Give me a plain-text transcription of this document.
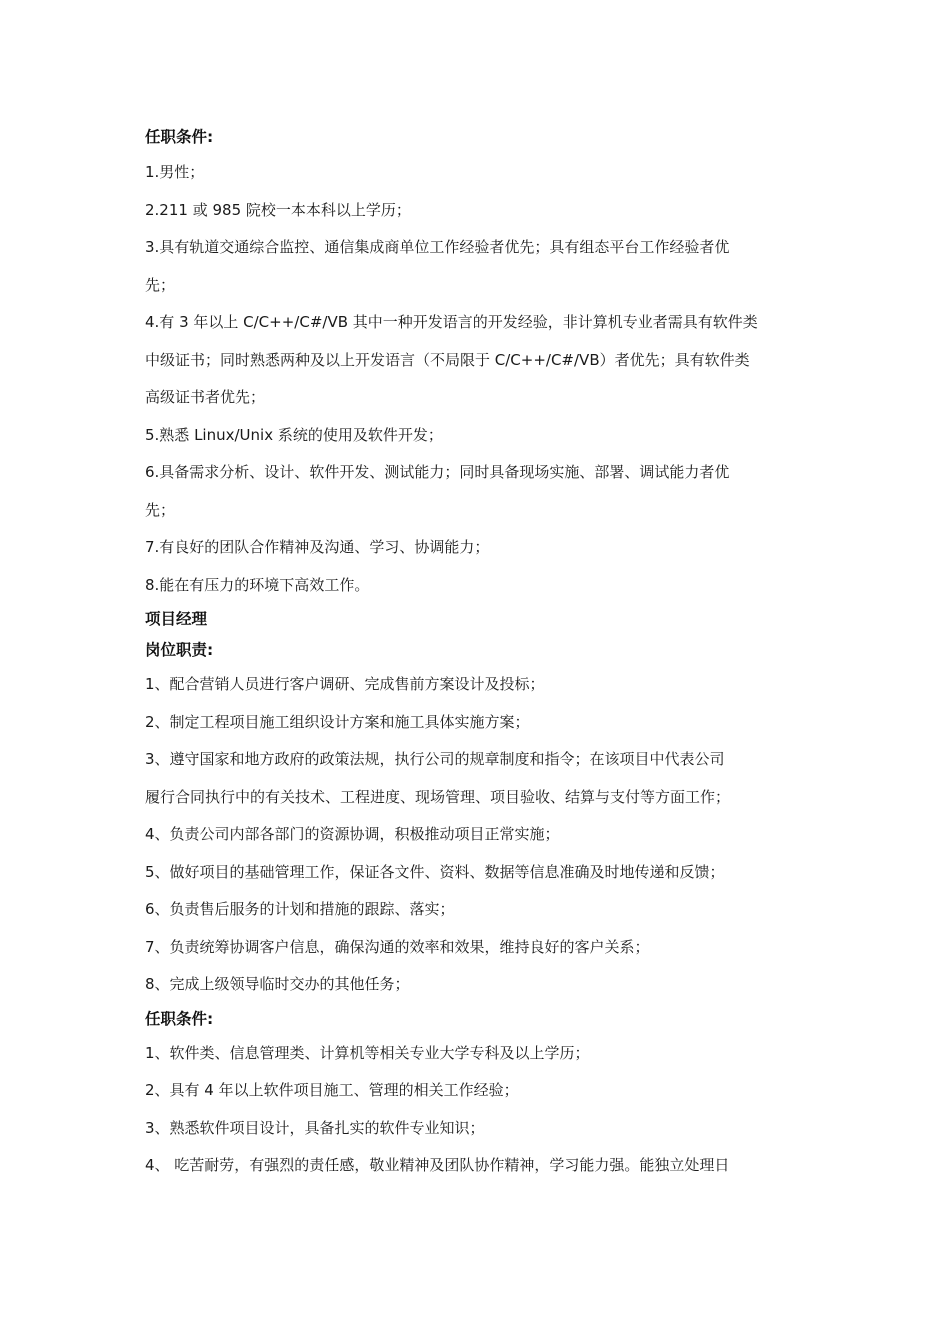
任职条件:
1.男性；
2.211 或 985 院校一本本科以上学历；
3.具有轨道交通综合监控、通信集成商单位工作经验者优先；具有组态平台工作经验者优
先；
4.有 3 年以上 C/C++/C#/VB 其中一种开发语言的开发经验，非计算机专业者需具有软件类
中级证书；同时熟悉两种及以上开发语言（不局限于 C/C++/C#/VB）者优先；具有软件类
高级证书者优先；
5.熟悉 Linux/Unix 系统的使用及软件开发；
6.具备需求分析、设计、软件开发、测试能力；同时具备现场实施、部署、调试能力者优
先；
7.有良好的团队合作精神及沟通、学习、协调能力；
8.能在有压力的环境下高效工作。
项目经理
岗位职责:
1、配合营销人员进行客户调研、完成售前方案设计及投标；
2、制定工程项目施工组织设计方案和施工具体实施方案；
3、遵守国家和地方政府的政策法规，执行公司的规章制度和指令；在该项目中代表公司
履行合同执行中的有关技术、工程进度、现场管理、项目验收、结算与支付等方面工作；
4、负责公司内部各部门的资源协调，积极推动项目正常实施；
5、做好项目的基础管理工作，保证各文件、资料、数据等信息准确及时地传递和反馈；
6、负责售后服务的计划和措施的跟踪、落实；
7、负责统筹协调客户信息，确保沟通的效率和效果，维持良好的客户关系；
8、完成上级领导临时交办的其他任务；
任职条件:
1、软件类、信息管理类、计算机等相关专业大学专科及以上学历；
2、具有 4 年以上软件项目施工、管理的相关工作经验；
3、熟悉软件项目设计，具备扎实的软件专业知识；
4、 吃苦耐劳，有强烈的责任感，敬业精神及团队协作精神，学习能力强。能独立处理日
